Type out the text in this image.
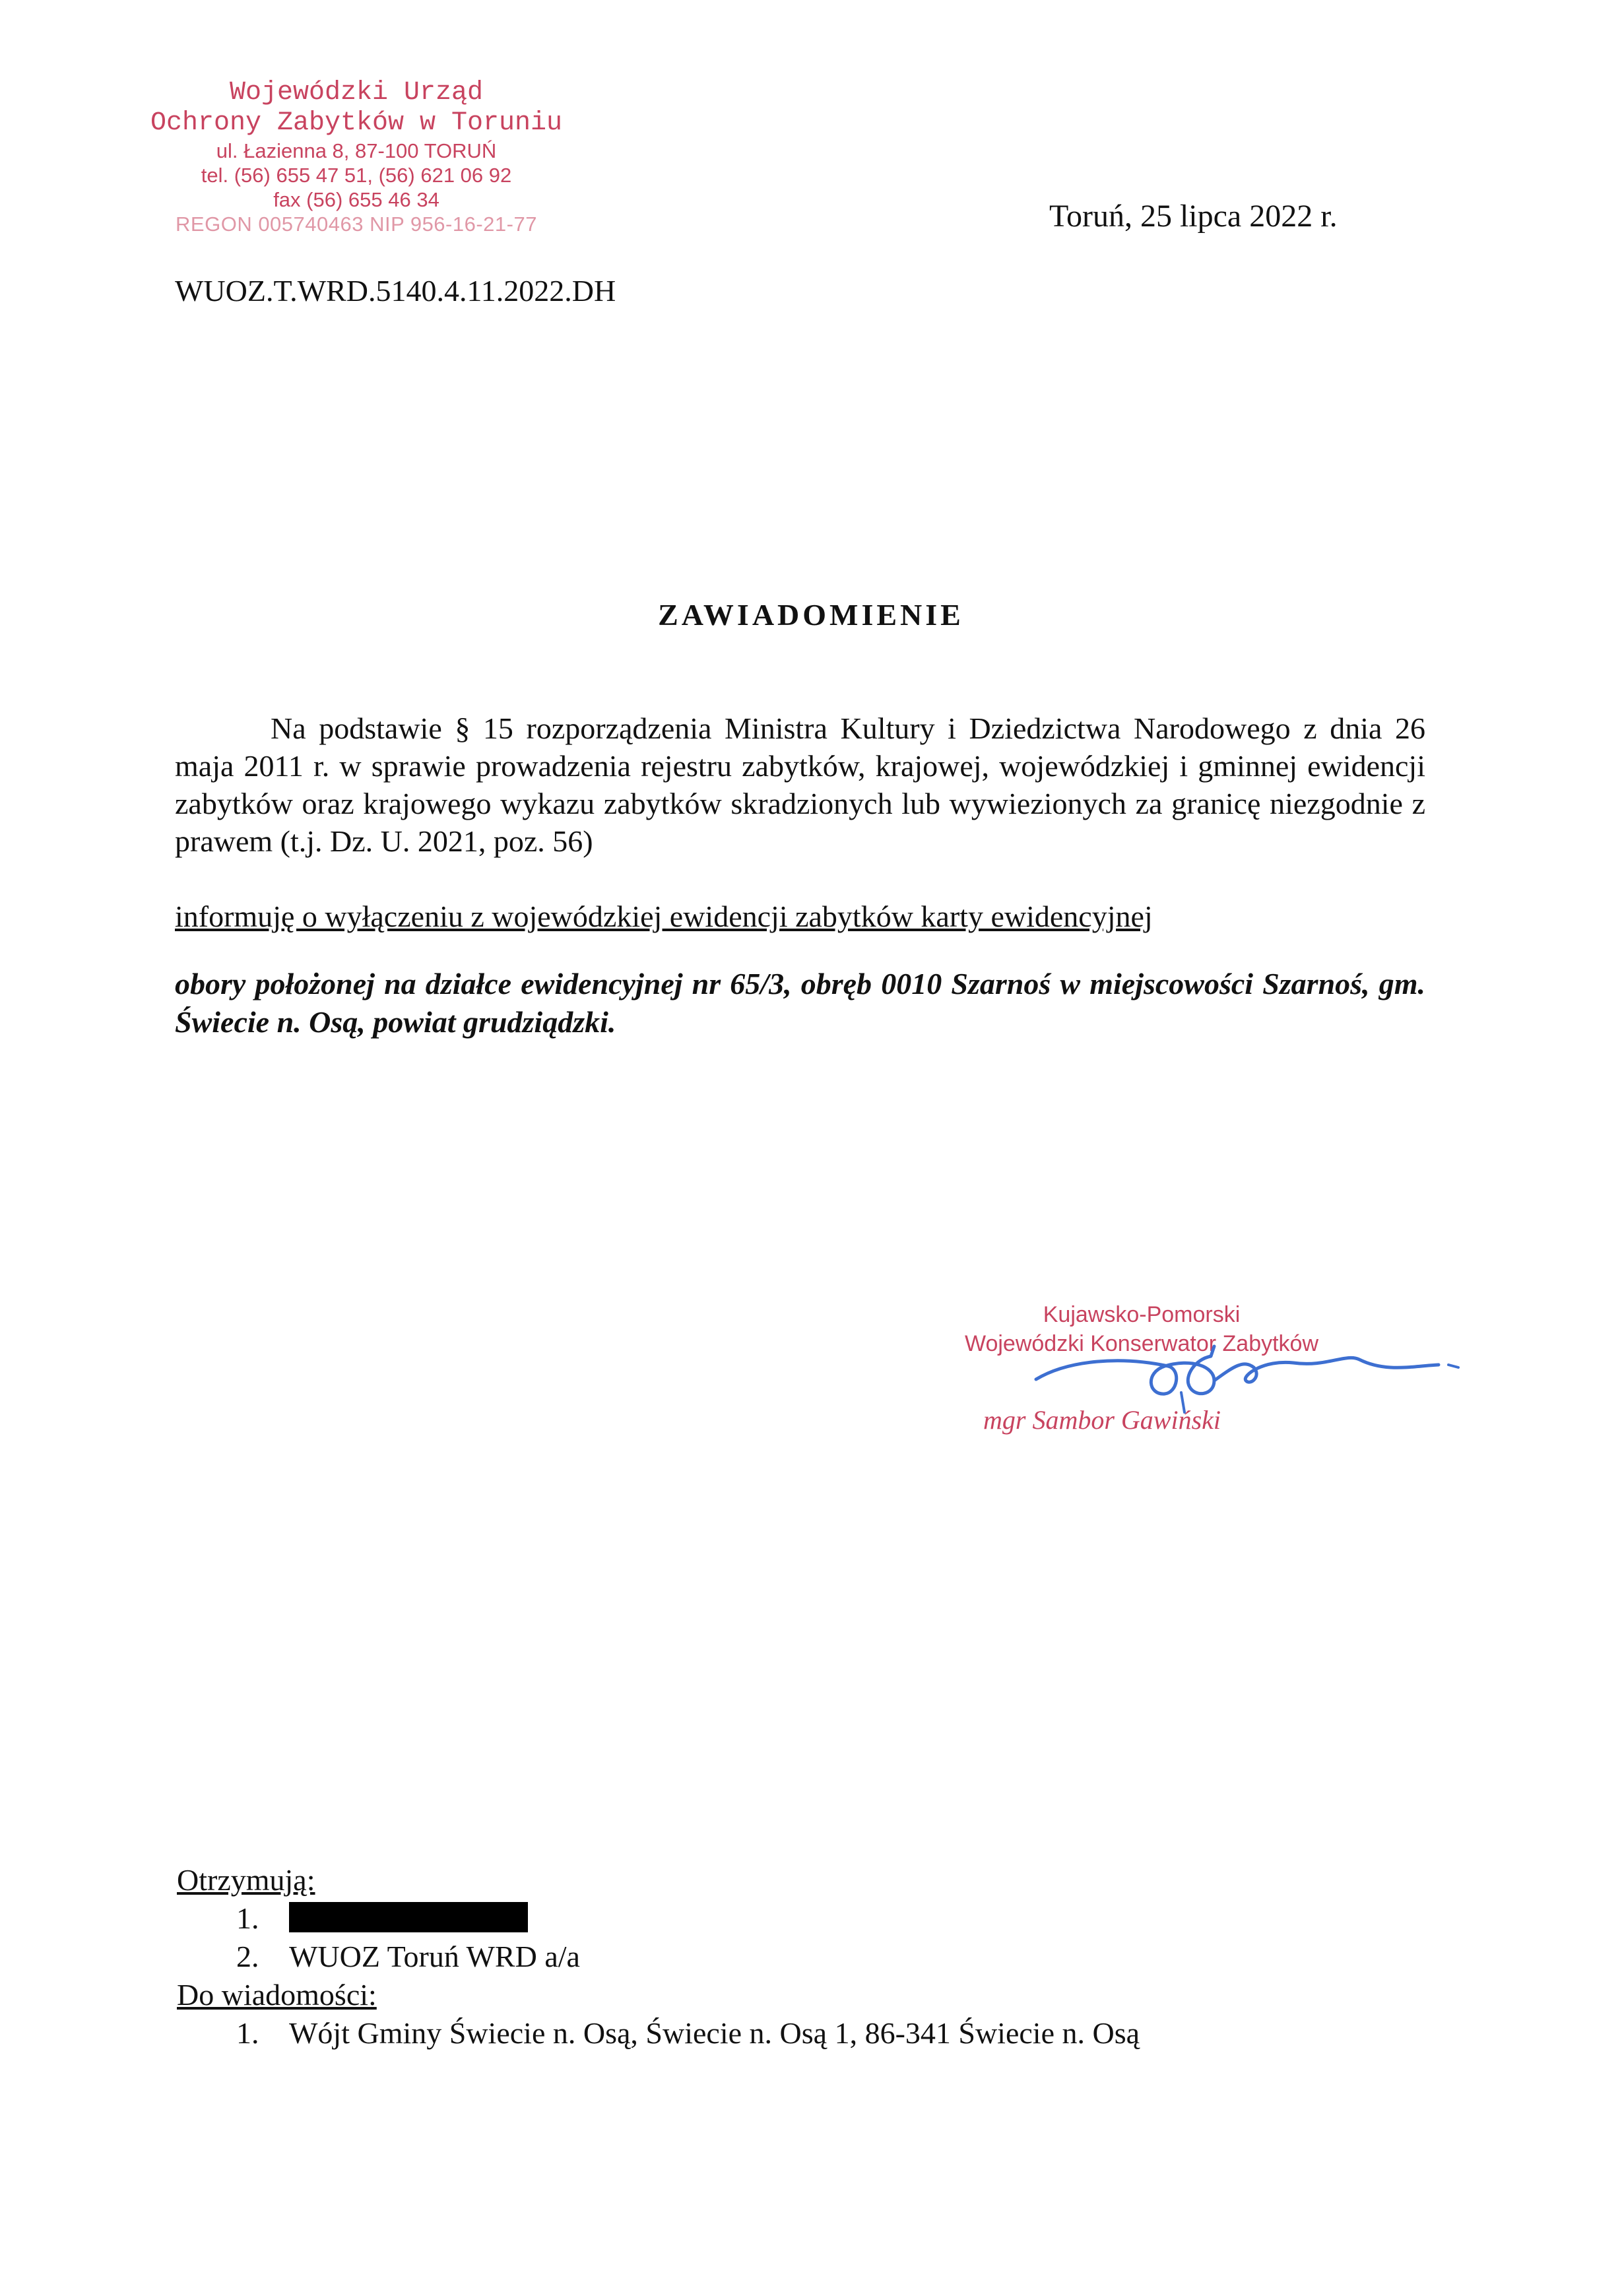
Wojewódzki Urząd
Ochrony Zabytków w Toruniu
ul. Łazienna 8, 87-100 TORUŃ
tel. (56) 655 47 51, (56) 621 06 92
fax (56) 655 46 34
REGON 005740463 NIP 956-16-21-77	Toruń, 25 lipca 2022 r.
WUOZ.T.WRD.5140.4.11.2022.DH
ZAWIADOMIENIE
Na podstawie § 15 rozporządzenia Ministra Kultury i Dziedzictwa Narodowego z dnia 26 maja 2011 r. w sprawie prowadzenia rejestru zabytków, krajowej, wojewódzkiej i gminnej ewidencji zabytków oraz krajowego wykazu zabytków skradzionych lub wywiezionych za granicę niezgodnie z prawem (t.j. Dz. U. 2021, poz. 56)
informuję o wyłączeniu z wojewódzkiej ewidencji zabytków karty ewidencyjnej
obory położonej na działce ewidencyjnej nr 65/3, obręb 0010 Szarnoś w miejscowości Szarnoś, gm. Świecie n. Osą, powiat grudziądzki.
Kujawsko-Pomorski
Wojewódzki Konserwator Zabytków
mgr Sambor Gawiński
Otrzymują:
1.
2. WUOZ Toruń WRD a/a
Do wiadomości:
1. Wójt Gminy Świecie n. Osą, Świecie n. Osą 1, 86-341 Świecie n. Osą
